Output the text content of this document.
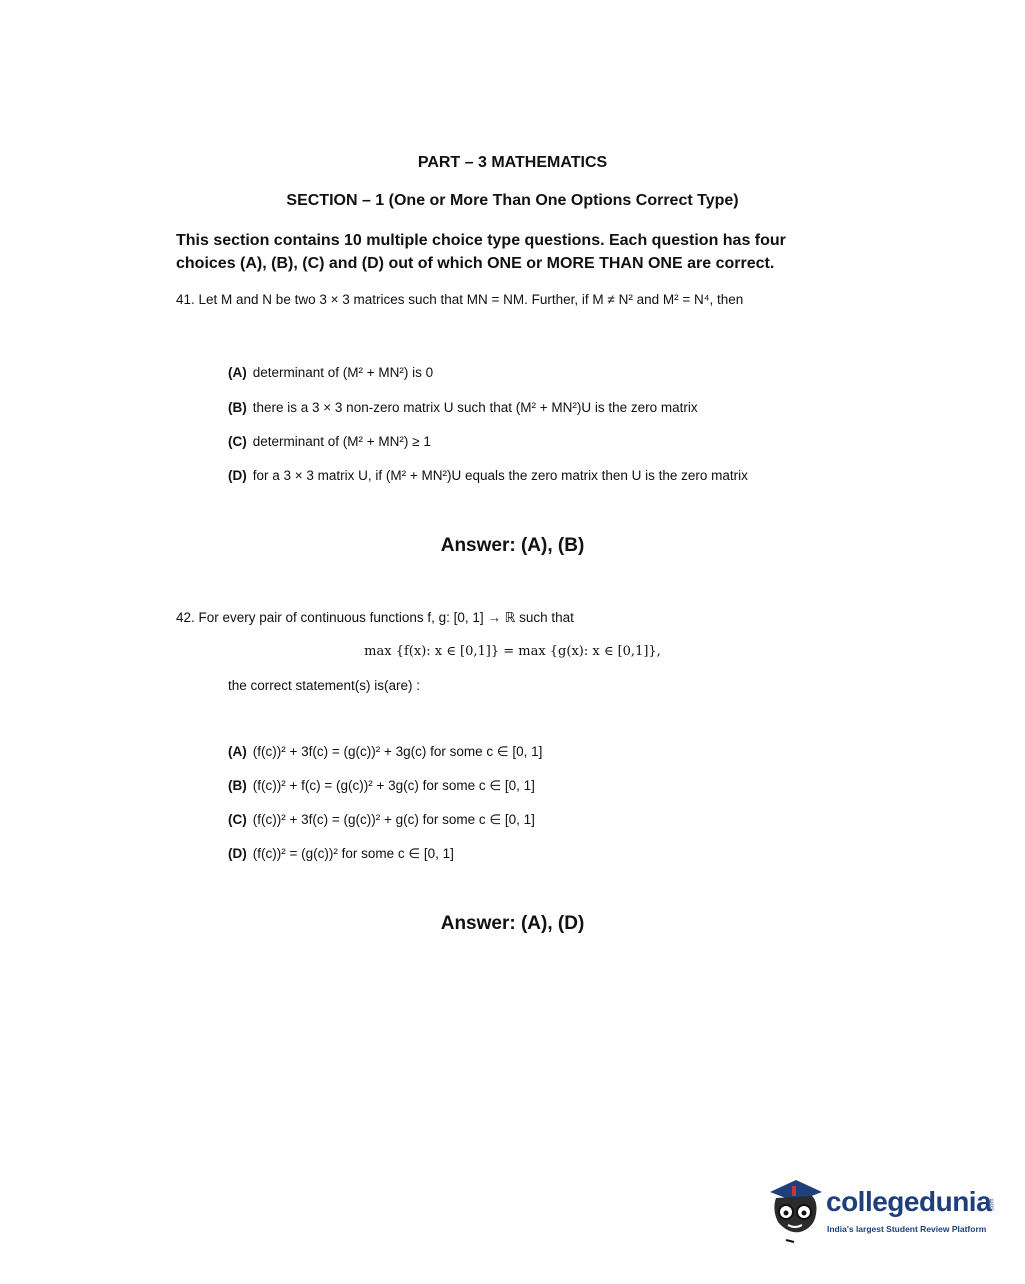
PART – 3 MATHEMATICS
SECTION – 1 (One or More Than One Options Correct Type)
This section contains 10 multiple choice type questions. Each question has four
choices (A), (B), (C) and (D) out of which ONE or MORE THAN ONE are correct.
41. Let M and N be two 3 × 3 matrices such that MN = NM. Further, if M ≠ N² and M² = N⁴, then
(A) determinant of (M² + MN²) is 0
(B) there is a 3 × 3 non-zero matrix U such that (M² + MN²)U is the zero matrix
(C) determinant of (M² + MN²) ≥ 1
(D) for a 3 × 3 matrix U, if (M² + MN²)U equals the zero matrix then U is the zero matrix
Answer: (A), (B)
42. For every pair of continuous functions f, g: [0, 1] → ℝ such that
max {f(x): x ∈ [0,1]} = max {g(x): x ∈ [0,1]},
the correct statement(s) is(are) :
(A) (f(c))² + 3f(c) = (g(c))² + 3g(c) for some c ∈ [0, 1]
(B) (f(c))² + f(c) = (g(c))² + 3g(c) for some c ∈ [0, 1]
(C) (f(c))² + 3f(c) = (g(c))² + g(c) for some c ∈ [0, 1]
(D) (f(c))² = (g(c))² for some c ∈ [0, 1]
Answer: (A), (D)
collegedunia
.com
India's largest Student Review Platform
